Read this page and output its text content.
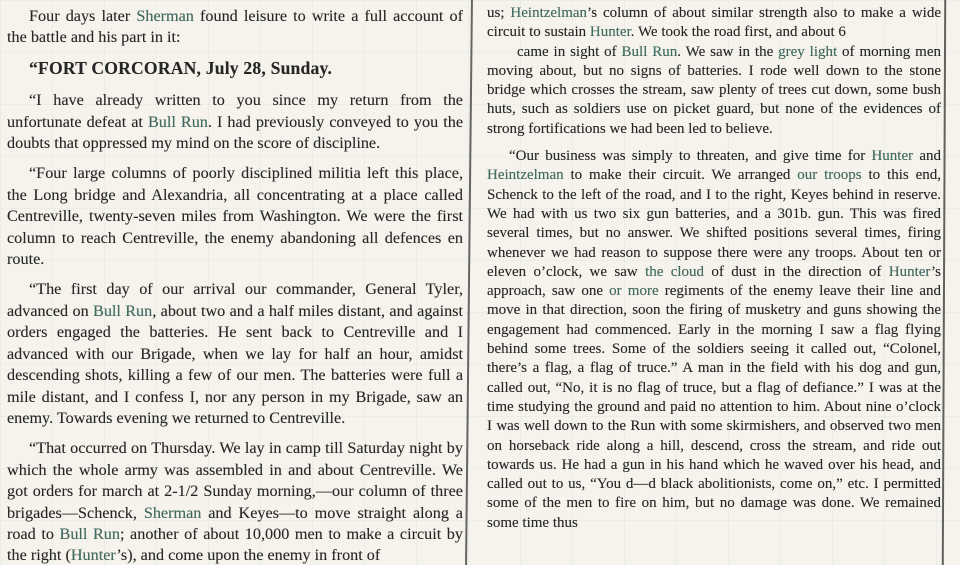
Four days later Sherman found leisure to write a full account of the battle and his part in it:

“FORT CORCORAN, July 28, Sunday.

“I have already written to you since my return from the unfortunate defeat at Bull Run. I had previously conveyed to you the doubts that oppressed my mind on the score of discipline.

“Four large columns of poorly disciplined militia left this place, the Long bridge and Alexandria, all concentrating at a place called Centreville, twenty-seven miles from Washington. We were the first column to reach Centreville, the enemy abandoning all defences en route.

“The first day of our arrival our commander, General Tyler, advanced on Bull Run, about two and a half miles distant, and against orders engaged the batteries. He sent back to Centreville and I advanced with our Brigade, when we lay for half an hour, amidst descending shots, killing a few of our men. The batteries were full a mile distant, and I confess I, nor any person in my Brigade, saw an enemy. Towards evening we returned to Centreville.

“That occurred on Thursday. We lay in camp till Saturday night by which the whole army was assembled in and about Centreville. We got orders for march at 2-1/2 Sunday morning,—our column of three brigades—Schenck, Sherman and Keyes—to move straight along a road to Bull Run; another of about 10,000 men to make a circuit by the right (Hunter’s), and come upon the enemy in front of

us; Heintzelman’s column of about similar strength also to make a wide circuit to sustain Hunter. We took the road first, and about 6

came in sight of Bull Run. We saw in the grey light of morning men moving about, but no signs of batteries. I rode well down to the stone bridge which crosses the stream, saw plenty of trees cut down, some bush huts, such as soldiers use on picket guard, but none of the evidences of strong fortifications we had been led to believe.

“Our business was simply to threaten, and give time for Hunter and Heintzelman to make their circuit. We arranged our troops to this end, Schenck to the left of the road, and I to the right, Keyes behind in reserve. We had with us two six gun batteries, and a 301b. gun. This was fired several times, but no answer. We shifted positions several times, firing whenever we had reason to suppose there were any troops. About ten or eleven o’clock, we saw the cloud of dust in the direction of Hunter’s approach, saw one or more regiments of the enemy leave their line and move in that direction, soon the firing of musketry and guns showing the engagement had commenced. Early in the morning I saw a flag flying behind some trees. Some of the soldiers seeing it called out, “Colonel, there’s a flag, a flag of truce.” A man in the field with his dog and gun, called out, “No, it is no flag of truce, but a flag of defiance.” I was at the time studying the ground and paid no attention to him. About nine o’clock I was well down to the Run with some skirmishers, and observed two men on horseback ride along a hill, descend, cross the stream, and ride out towards us. He had a gun in his hand which he waved over his head, and called out to us, “You d—d black abolitionists, come on,” etc. I permitted some of the men to fire on him, but no damage was done. We remained some time thus
